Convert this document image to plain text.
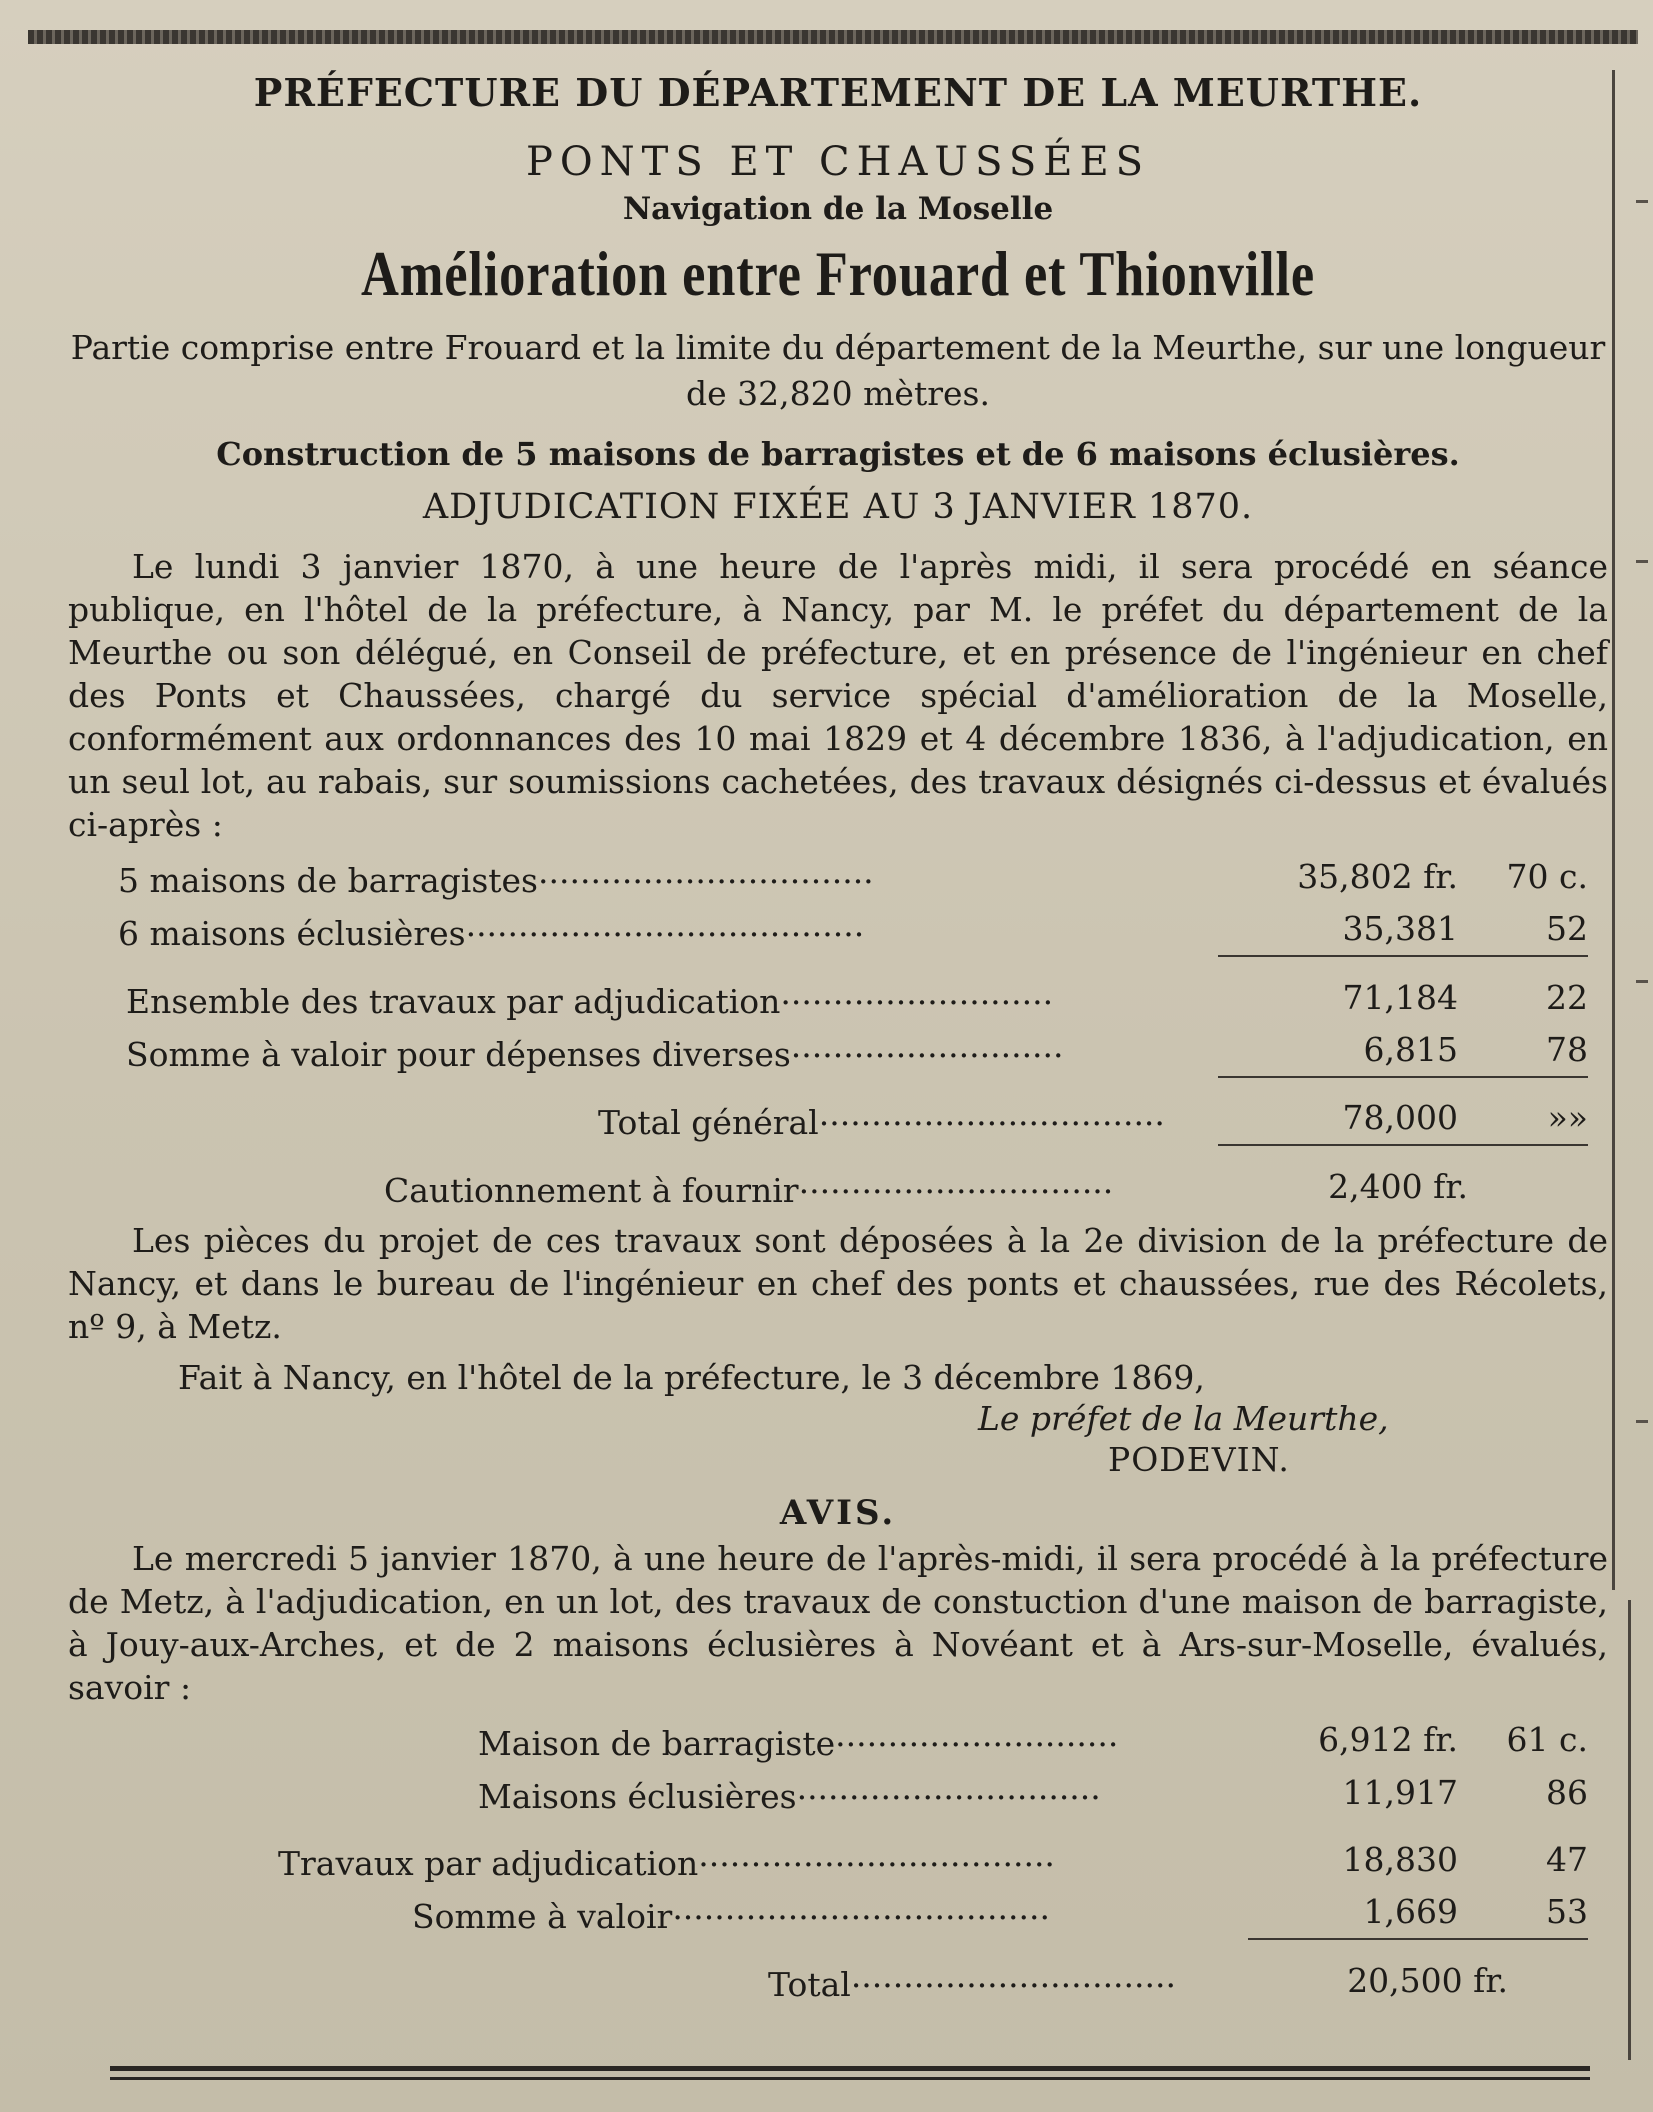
PRÉFECTURE DU DÉPARTEMENT DE LA MEURTHE.
PONTS ET CHAUSSÉES
Navigation de la Moselle
Amélioration entre Frouard et Thionville
Partie comprise entre Frouard et la limite du département de la Meurthe, sur une longueur de 32,820 mètres.
Construction de 5 maisons de barragistes et de 6 maisons éclusières.
ADJUDICATION FIXÉE AU 3 JANVIER 1870.

Le lundi 3 janvier 1870, à une heure de l'après midi, il sera procédé en séance publique, en l'hôtel de la préfecture, à Nancy, par M. le préfet du département de la Meurthe ou son délégué, en Conseil de préfecture, et en présence de l'ingénieur en chef des Ponts et Chaussées, chargé du service spécial d'amélioration de la Moselle, conformément aux ordonnances des 10 mai 1829 et 4 décembre 1836, à l'adjudication, en un seul lot, au rabais, sur soumissions cachetées, des travaux désignés ci-dessus et évalués ci-après :

5 maisons de barragistes................................	35,802 fr.	70 c.
6 maisons éclusières......................................	35,381	52

Ensemble des travaux par adjudication..........................	71,184	22
Somme à valoir pour dépenses diverses..........................	6,815	78

Total général.................................	78,000	»»

Cautionnement à fournir..............................	2,400 fr.	

Les pièces du projet de ces travaux sont déposées à la 2e division de la préfecture de Nancy, et dans le bureau de l'ingénieur en chef des ponts et chaussées, rue des Récolets, nº 9, à Metz.

Fait à Nancy, en l'hôtel de la préfecture, le 3 décembre 1869,
Le préfet de la Meurthe,
PODEVIN.
AVIS.

Le mercredi 5 janvier 1870, à une heure de l'après-midi, il sera procédé à la préfecture de Metz, à l'adjudication, en un lot, des travaux de constuction d'une maison de barragiste, à Jouy-aux-Arches, et de 2 maisons éclusières à Novéant et à Ars-sur-Moselle, évalués, savoir :

Maison de barragiste...........................	6,912 fr.	61 c.
Maisons éclusières.............................	11,917	86

Travaux par adjudication..................................	18,830	47
Somme à valoir....................................	1,669	53

Total...............................	20,500 fr.	
